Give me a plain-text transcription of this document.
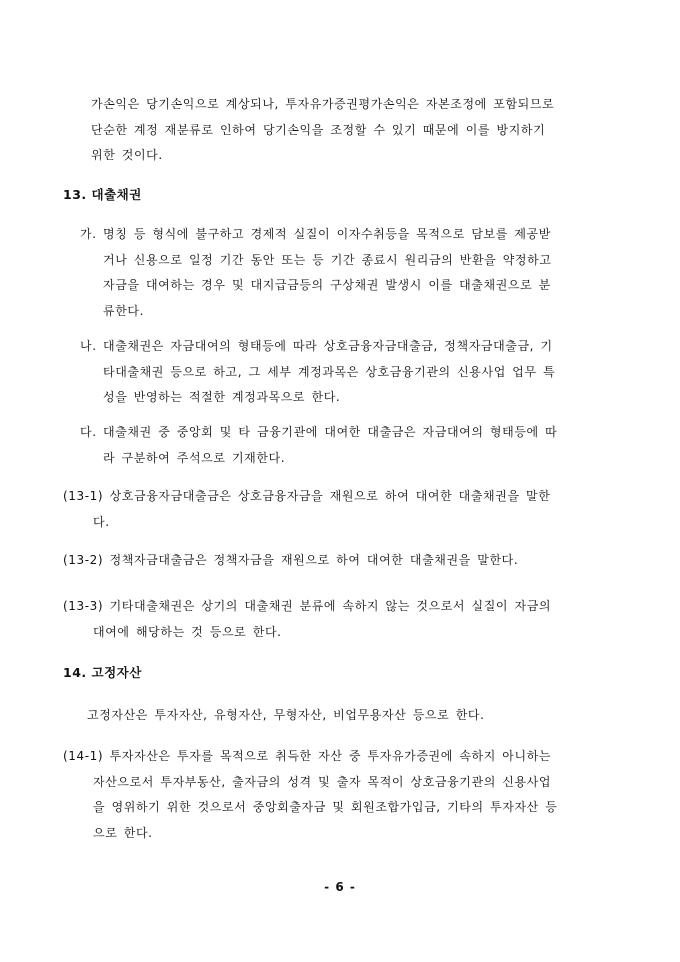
가손익은 당기손익으로 계상되나, 투자유가증권평가손익은 자본조정에 포함되므로
단순한 계정 재분류로 인하여 당기손익을 조정할 수 있기 때문에 이를 방지하기
위한 것이다.
13. 대출채권
가. 명칭 등 형식에 불구하고 경제적 실질이 이자수취등을 목적으로 담보를 제공받
거나 신용으로 일정 기간 동안 또는 등 기간 종료시 원리금의 반환을 약정하고
자금을 대여하는 경우 및 대지급금등의 구상채권 발생시 이를 대출채권으로 분
류한다.
나. 대출채권은 자금대여의 형태등에 따라 상호금융자금대출금, 정책자금대출금, 기
타대출채권 등으로 하고, 그 세부 계정과목은 상호금융기관의 신용사업 업무 특
성을 반영하는 적절한 계정과목으로 한다.
다. 대출채권 중 중앙회 및 타 금융기관에 대여한 대출금은 자금대여의 형태등에 따
라 구분하여 주석으로 기재한다.
(13-1) 상호금융자금대출금은 상호금융자금을 재원으로 하여 대여한 대출채권을 말한
다.
(13-2) 정책자금대출금은 정책자금을 재원으로 하여 대여한 대출채권을 말한다.
(13-3) 기타대출채권은 상기의 대출채권 분류에 속하지 않는 것으로서 실질이 자금의
대여에 해당하는 것 등으로 한다.
14. 고정자산
고정자산은 투자자산, 유형자산, 무형자산, 비업무용자산 등으로 한다.
(14-1) 투자자산은 투자를 목적으로 취득한 자산 중 투자유가증권에 속하지 아니하는
자산으로서 투자부동산, 출자금의 성격 및 출자 목적이 상호금융기관의 신용사업
을 영위하기 위한 것으로서 중앙회출자금 및 회원조합가입금, 기타의 투자자산 등
으로 한다.
- 6 -
